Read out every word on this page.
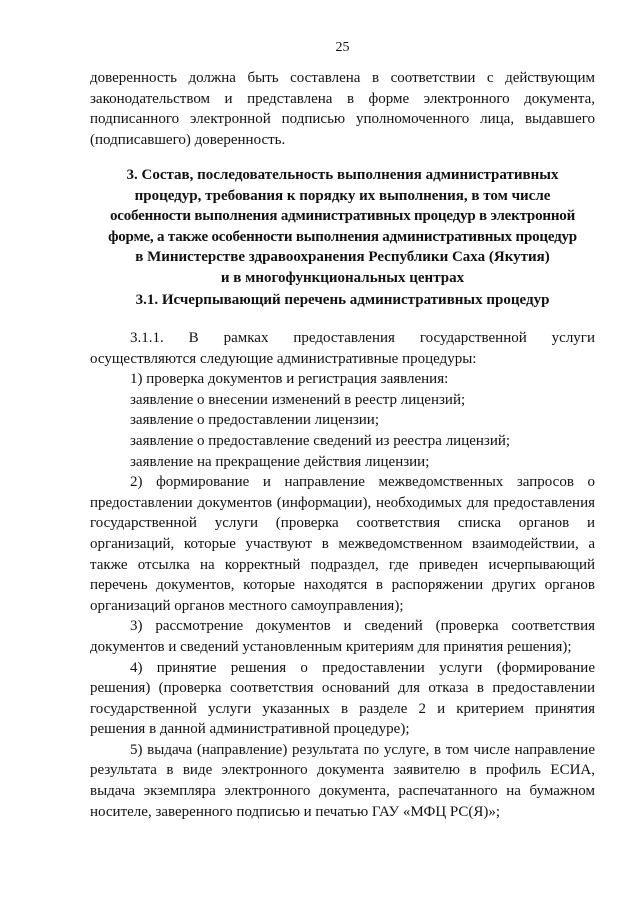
25

доверенность должна быть составлена в соответствии с действующим законодательством и представлена в форме электронного документа, подписанного электронной подписью уполномоченного лица, выдавшего (подписавшего) доверенность.

3. Состав, последовательность выполнения административных

процедур, требования к порядку их выполнения, в том числе

особенности выполнения административных процедур в электронной

форме, а также особенности выполнения административных процедур

в Министерстве здравоохранения Республики Саха (Якутия)

и в многофункциональных центрах

3.1. Исчерпывающий перечень административных процедур

3.1.1. В рамках предоставления государственной услуги

осуществляются следующие административные процедуры:

1) проверка документов и регистрация заявления:

заявление о внесении изменений в реестр лицензий;

заявление о предоставлении лицензии;

заявление о предоставление сведений из реестра лицензий;

заявление на прекращение действия лицензии;

2) формирование и направление межведомственных запросов о предоставлении документов (информации), необходимых для предоставления государственной услуги (проверка соответствия списка органов и организаций, которые участвуют в межведомственном взаимодействии, а также отсылка на корректный подраздел, где приведен исчерпывающий перечень документов, которые находятся в распоряжении других органов организаций органов местного самоуправления);

3) рассмотрение документов и сведений (проверка соответствия документов и сведений установленным критериям для принятия решения);

4) принятие решения о предоставлении услуги (формирование решения) (проверка соответствия оснований для отказа в предоставлении государственной услуги указанных в разделе 2 и критерием принятия решения в данной административной процедуре);

5) выдача (направление) результата по услуге, в том числе направление результата в виде электронного документа заявителю в профиль ЕСИА, выдача экземпляра электронного документа, распечатанного на бумажном носителе, заверенного подписью и печатью ГАУ «МФЦ РС(Я)»;
